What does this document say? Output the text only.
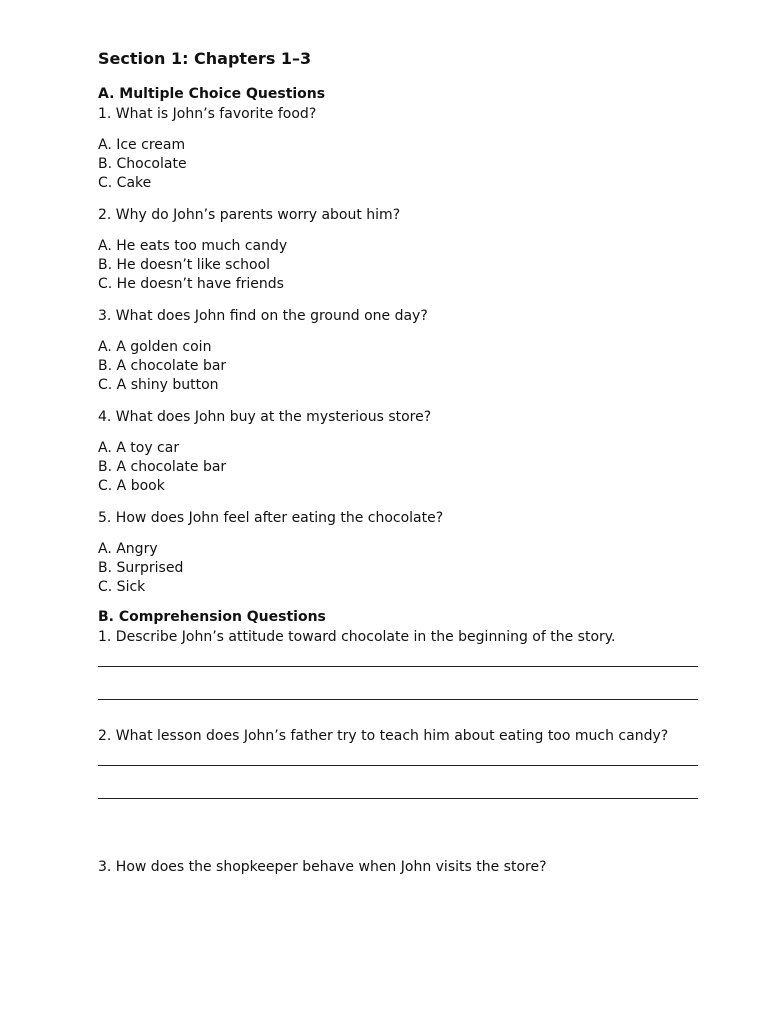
Section 1: Chapters 1–3
A. Multiple Choice Questions
1. What is John’s favorite food?
A. Ice cream
B. Chocolate
C. Cake
2. Why do John’s parents worry about him?
A. He eats too much candy
B. He doesn’t like school
C. He doesn’t have friends
3. What does John find on the ground one day?
A. A golden coin
B. A chocolate bar
C. A shiny button
4. What does John buy at the mysterious store?
A. A toy car
B. A chocolate bar
C. A book
5. How does John feel after eating the chocolate?
A. Angry
B. Surprised
C. Sick
B. Comprehension Questions
1. Describe John’s attitude toward chocolate in the beginning of the story.
2. What lesson does John’s father try to teach him about eating too much candy?
3. How does the shopkeeper behave when John visits the store?
